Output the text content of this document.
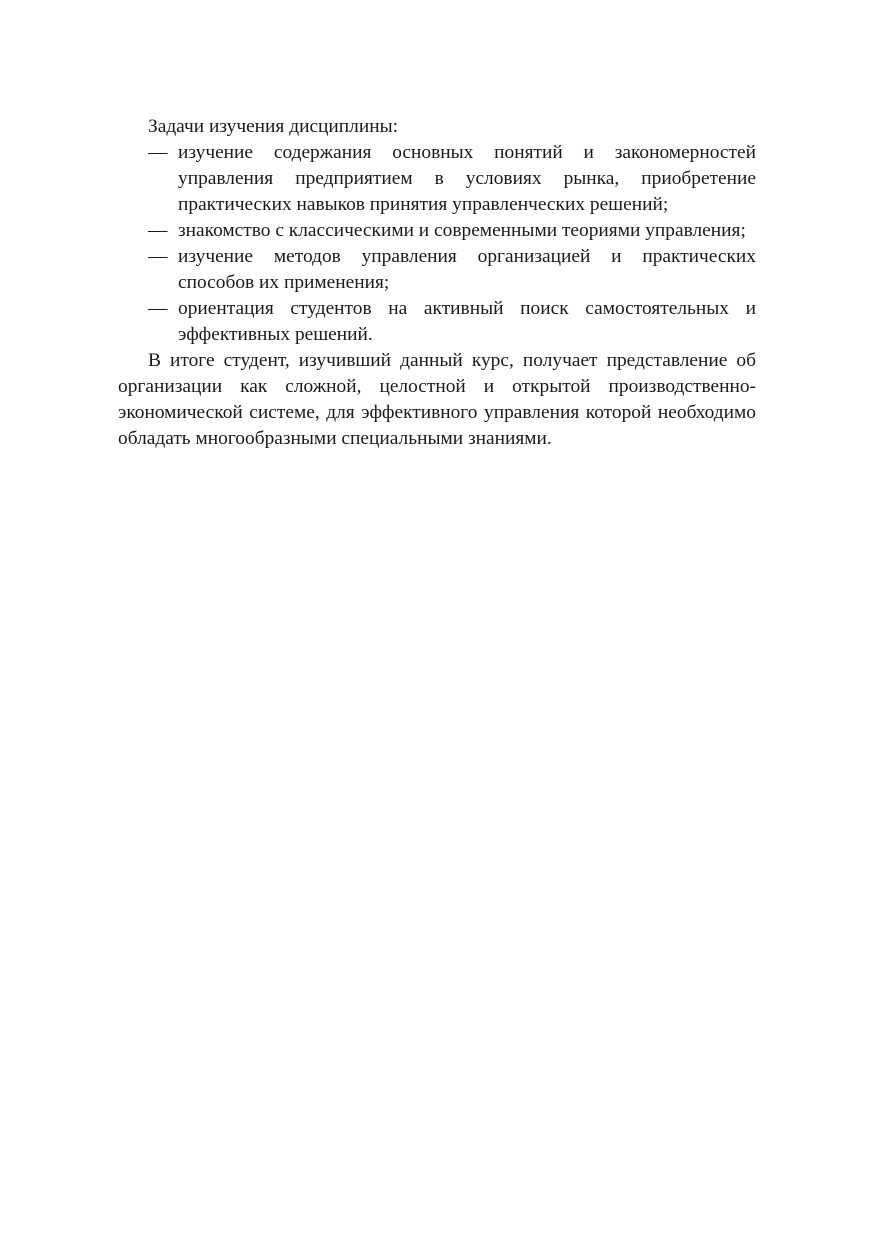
Задачи изучения дисциплины:

— изучение содержания основных понятий и закономерностей управления предприятием в условиях рынка, приобретение практических навыков принятия управленческих решений;
— знакомство с классическими и современными теориями управления;
— изучение методов управления организацией и практических способов их применения;
— ориентация студентов на активный поиск самостоятельных и эффективных решений.

В итоге студент, изучивший данный курс, получает представление об организации как сложной, целостной и открытой производственно-экономической системе, для эффективного управления которой необходимо обладать многообразными специальными знаниями.
